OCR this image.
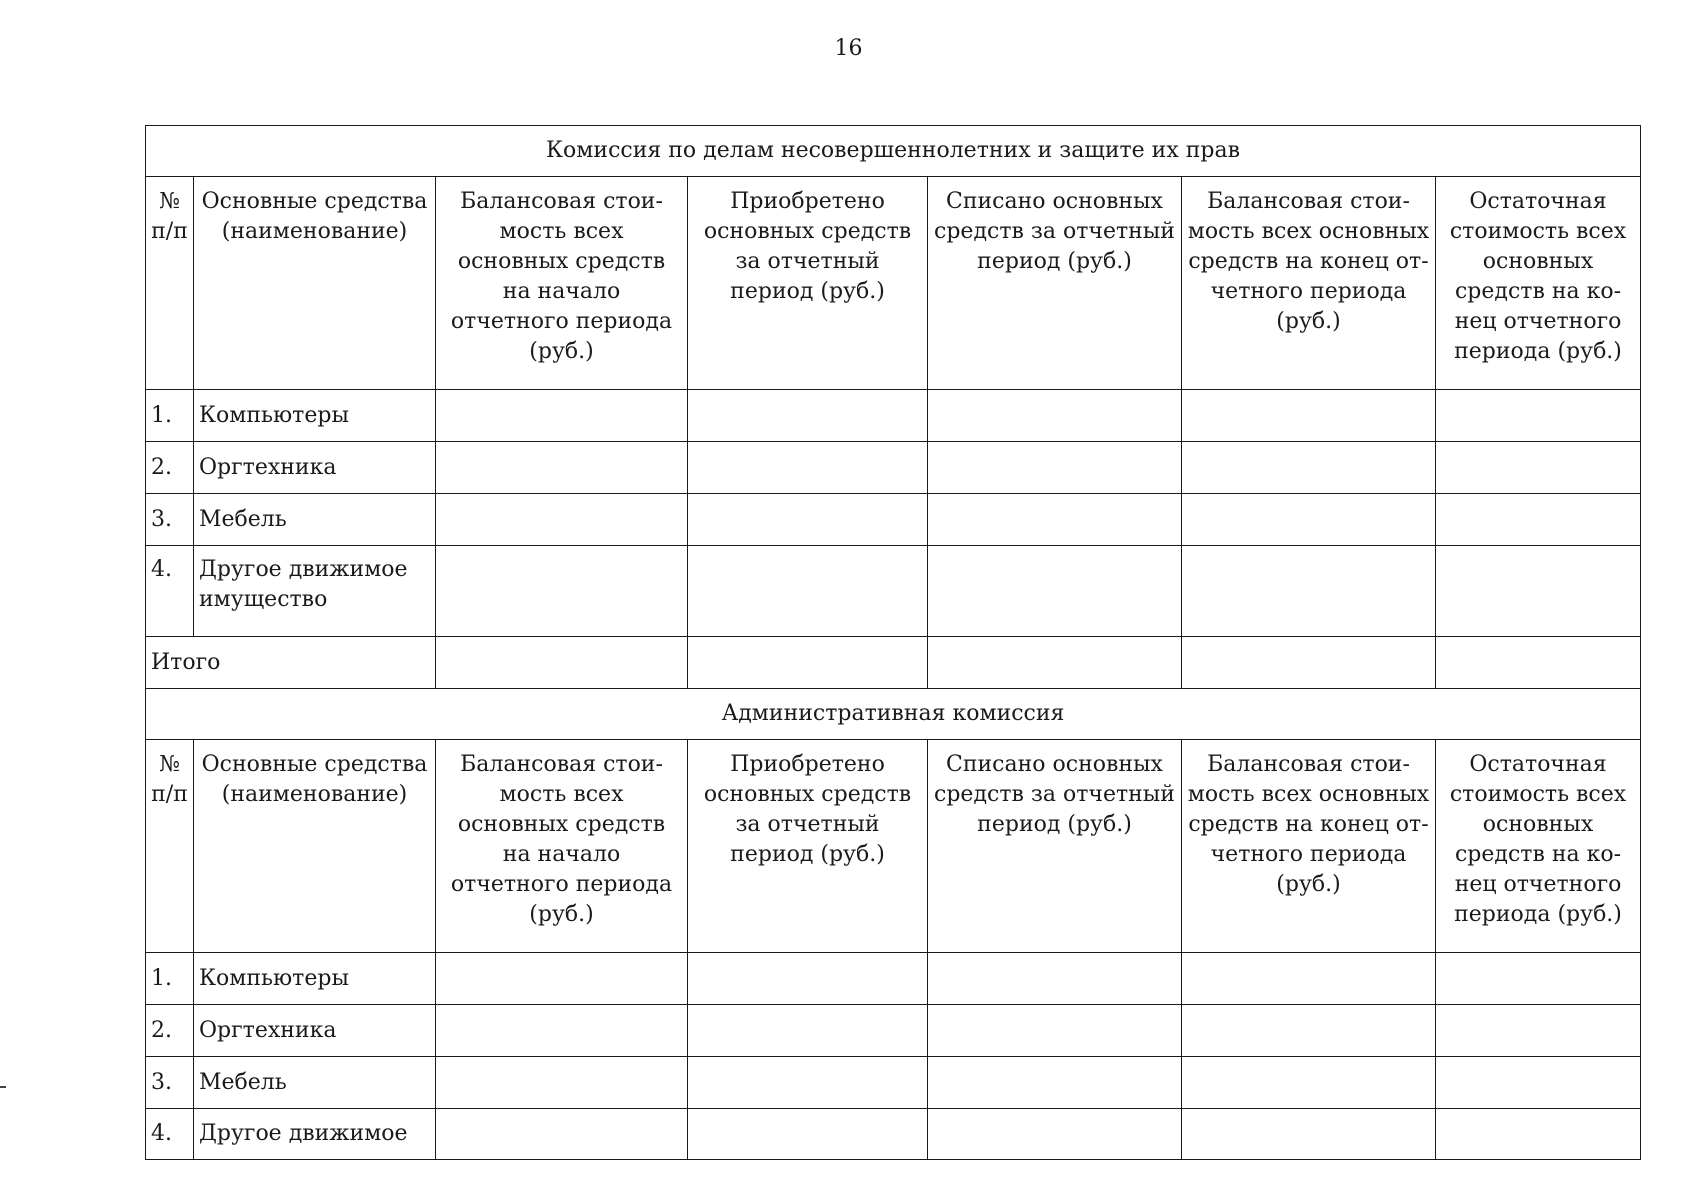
16
Комиссия по делам несовершеннолетних и защите их прав						
№ п/п	Основные средства (наименование)	Балансовая стои-мость всех основных средств на начало отчетного периода (руб.)	Приобретено основных средств за отчетный период (руб.)	Списано основных средств за отчетный период (руб.)	Балансовая стои-мость всех основных средств на конец от-четного периода (руб.)	Остаточная стоимость всех основных средств на ко-нец отчетного периода (руб.)
1.	Компьютеры					
2.	Оргтехника					
3.	Мебель					
4.	Другое движимое имущество					
Итого						
Административная комиссия						
№ п/п	Основные средства (наименование)	Балансовая стои-мость всех основных средств на начало отчетного периода (руб.)	Приобретено основных средств за отчетный период (руб.)	Списано основных средств за отчетный период (руб.)	Балансовая стои-мость всех основных средств на конец от-четного периода (руб.)	Остаточная стоимость всех основных средств на ко-нец отчетного периода (руб.)
1.	Компьютеры					
2.	Оргтехника					
3.	Мебель					
4.	Другое движимое					
